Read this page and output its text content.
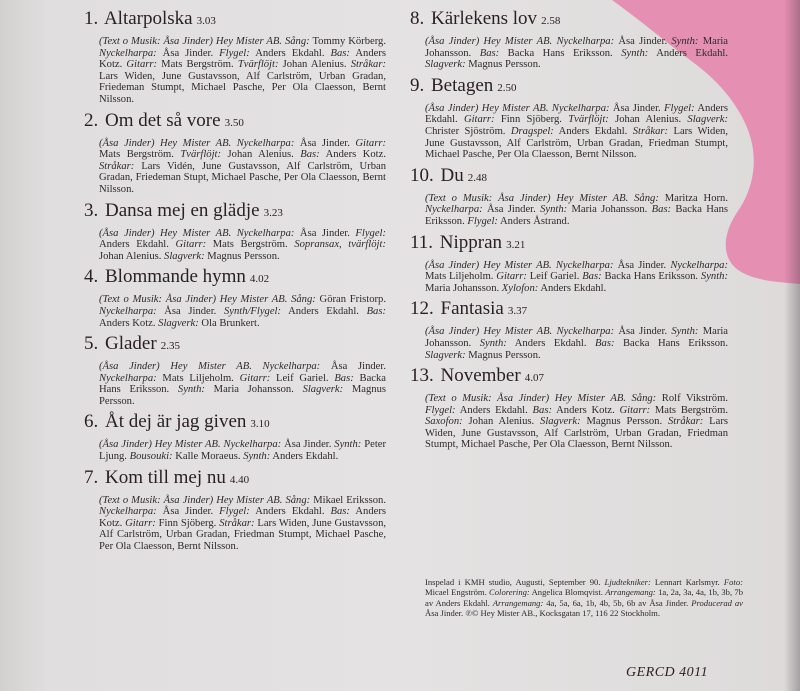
1. Altarpolska 3.03
(Text o Musik: Åsa Jinder) Hey Mister AB. Sång: Tommy Körberg. Nyckelharpa: Åsa Jinder. Flygel: Anders Ekdahl. Bas: Anders Kotz. Gitarr: Mats Bergström. Tvärflöjt: Johan Alenius. Stråkar: Lars Widen, June Gustavsson, Alf Carlström, Urban Gradan, Friedeman Stumpt, Michael Pasche, Per Ola Claesson, Bernt Nilsson.
2. Om det så vore 3.50
(Åsa Jinder) Hey Mister AB. Nyckelharpa: Åsa Jinder. Gitarr: Mats Bergström. Tvärflöjt: Johan Alenius. Bas: Anders Kotz. Stråkar: Lars Vidén, June Gustavsson, Alf Carlström, Urban Gradan, Friedeman Stupt, Michael Pasche, Per Ola Claesson, Bernt Nilsson.
3. Dansa mej en glädje 3.23
(Åsa Jinder) Hey Mister AB. Nyckelharpa: Åsa Jinder. Flygel: Anders Ekdahl. Gitarr: Mats Bergström. Sopransax, tvärflöjt: Johan Alenius. Slagverk: Magnus Persson.
4. Blommande hymn 4.02
(Text o Musik: Åsa Jinder) Hey Mister AB. Sång: Göran Fristorp. Nyckelharpa: Åsa Jinder. Synth/Flygel: Anders Ekdahl. Bas: Anders Kotz. Slagverk: Ola Brunkert.
5. Glader 2.35
(Åsa Jinder) Hey Mister AB. Nyckelharpa: Åsa Jinder. Nyckelharpa: Mats Liljeholm. Gitarr: Leif Gariel. Bas: Backa Hans Eriksson. Synth: Maria Johansson. Slagverk: Magnus Persson.
6. Åt dej är jag given 3.10
(Åsa Jinder) Hey Mister AB. Nyckelharpa: Åsa Jinder. Synth: Peter Ljung. Bousouki: Kalle Moraeus. Synth: Anders Ekdahl.
7. Kom till mej nu 4.40
(Text o Musik: Åsa Jinder) Hey Mister AB. Sång: Mikael Eriksson. Nyckelharpa: Åsa Jinder. Flygel: Anders Ekdahl. Bas: Anders Kotz. Gitarr: Finn Sjöberg. Stråkar: Lars Widen, June Gustavsson, Alf Carlström, Urban Gradan, Friedman Stumpt, Michael Pasche, Per Ola Claesson, Bernt Nilsson.
8. Kärlekens lov 2.58
(Åsa Jinder) Hey Mister AB. Nyckelharpa: Åsa Jinder. Synth: Maria Johansson. Bas: Backa Hans Eriksson. Synth: Anders Ekdahl. Slagverk: Magnus Persson.
9. Betagen 2.50
(Åsa Jinder) Hey Mister AB. Nyckelharpa: Åsa Jinder. Flygel: Anders Ekdahl. Gitarr: Finn Sjöberg. Tvärflöjt: Johan Alenius. Slagverk: Christer Sjöström. Dragspel: Anders Ekdahl. Stråkar: Lars Widen, June Gustavsson, Alf Carlström, Urban Gradan, Friedman Stumpt, Michael Pasche, Per Ola Claesson, Bernt Nilsson.
10. Du 2.48
(Text o Musik: Åsa Jinder) Hey Mister AB. Sång: Maritza Horn. Nyckelharpa: Åsa Jinder. Synth: Maria Johansson. Bas: Backa Hans Eriksson. Flygel: Anders Åstrand.
11. Nippran 3.21
(Åsa Jinder) Hey Mister AB. Nyckelharpa: Åsa Jinder. Nyckelharpa: Mats Liljeholm. Gitarr: Leif Gariel. Bas: Backa Hans Eriksson. Synth: Maria Johansson. Xylofon: Anders Ekdahl.
12. Fantasia 3.37
(Åsa Jinder) Hey Mister AB. Nyckelharpa: Åsa Jinder. Synth: Maria Johansson. Synth: Anders Ekdahl. Bas: Backa Hans Eriksson. Slagverk: Magnus Persson.
13. November 4.07
(Text o Musik: Åsa Jinder) Hey Mister AB. Sång: Rolf Vikström. Flygel: Anders Ekdahl. Bas: Anders Kotz. Gitarr: Mats Bergström. Saxofon: Johan Alenius. Slagverk: Magnus Persson. Stråkar: Lars Widen, June Gustavsson, Alf Carlström, Urban Gradan, Friedman Stumpt, Michael Pasche, Per Ola Claesson, Bernt Nilsson.
Inspelad i KMH studio, Augusti, September 90. Ljudtekniker: Lennart Karlsmyr. Foto: Micael Engström. Colorering: Angelica Blomqvist. Arrangemang: 1a, 2a, 3a, 4a, 1b, 3b, 7b av Anders Ekdahl. Arrangemang: 4a, 5a, 6a, 1b, 4b, 5b, 6b av Åsa Jinder. Producerad av Åsa Jinder. ℗© Hey Mister AB., Kocksgatan 17, 116 22 Stockholm.
GERCD 4011
